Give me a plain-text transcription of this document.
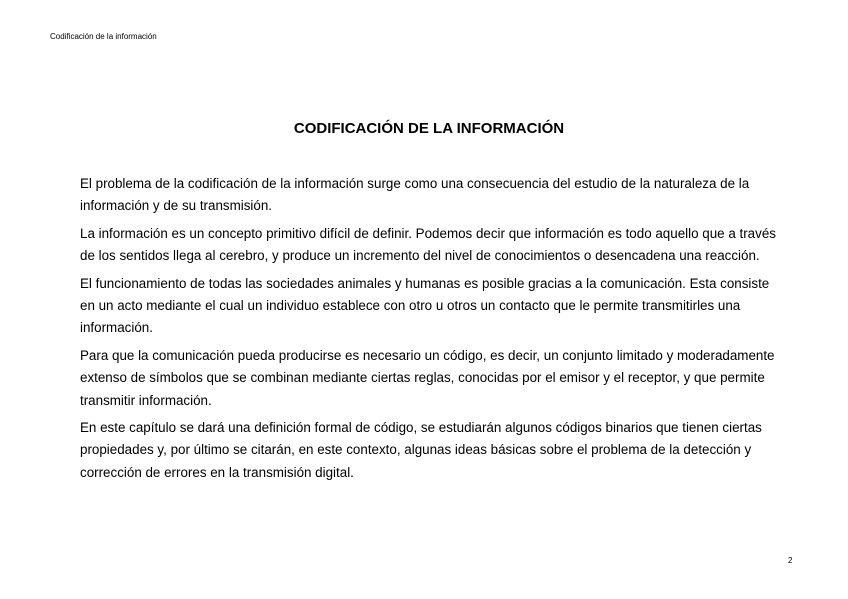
Codificación de la información
CODIFICACIÓN DE LA INFORMACIÓN

El problema de la codificación de la información surge como una consecuencia del estudio de la naturaleza de la información y de su transmisión.

La información es un concepto primitivo difícil de definir. Podemos decir que información es todo aquello que a través de los sentidos llega al cerebro, y produce un incremento del nivel de conocimientos o desencadena una reacción.

El funcionamiento de todas las sociedades animales y humanas es posible gracias a la comunicación. Esta consiste en un acto mediante el cual un individuo establece con otro u otros un contacto que le permite transmitirles una información.

Para que la comunicación pueda producirse es necesario un código, es decir, un conjunto limitado y moderadamente extenso de símbolos que se combinan mediante ciertas reglas, conocidas por el emisor y el receptor, y que permite transmitir información.

En este capítulo se dará una definición formal de código, se estudiarán algunos códigos binarios que tienen ciertas propiedades y, por último se citarán, en este contexto, algunas ideas básicas sobre el problema de la detección y corrección de errores en la transmisión digital.

2
